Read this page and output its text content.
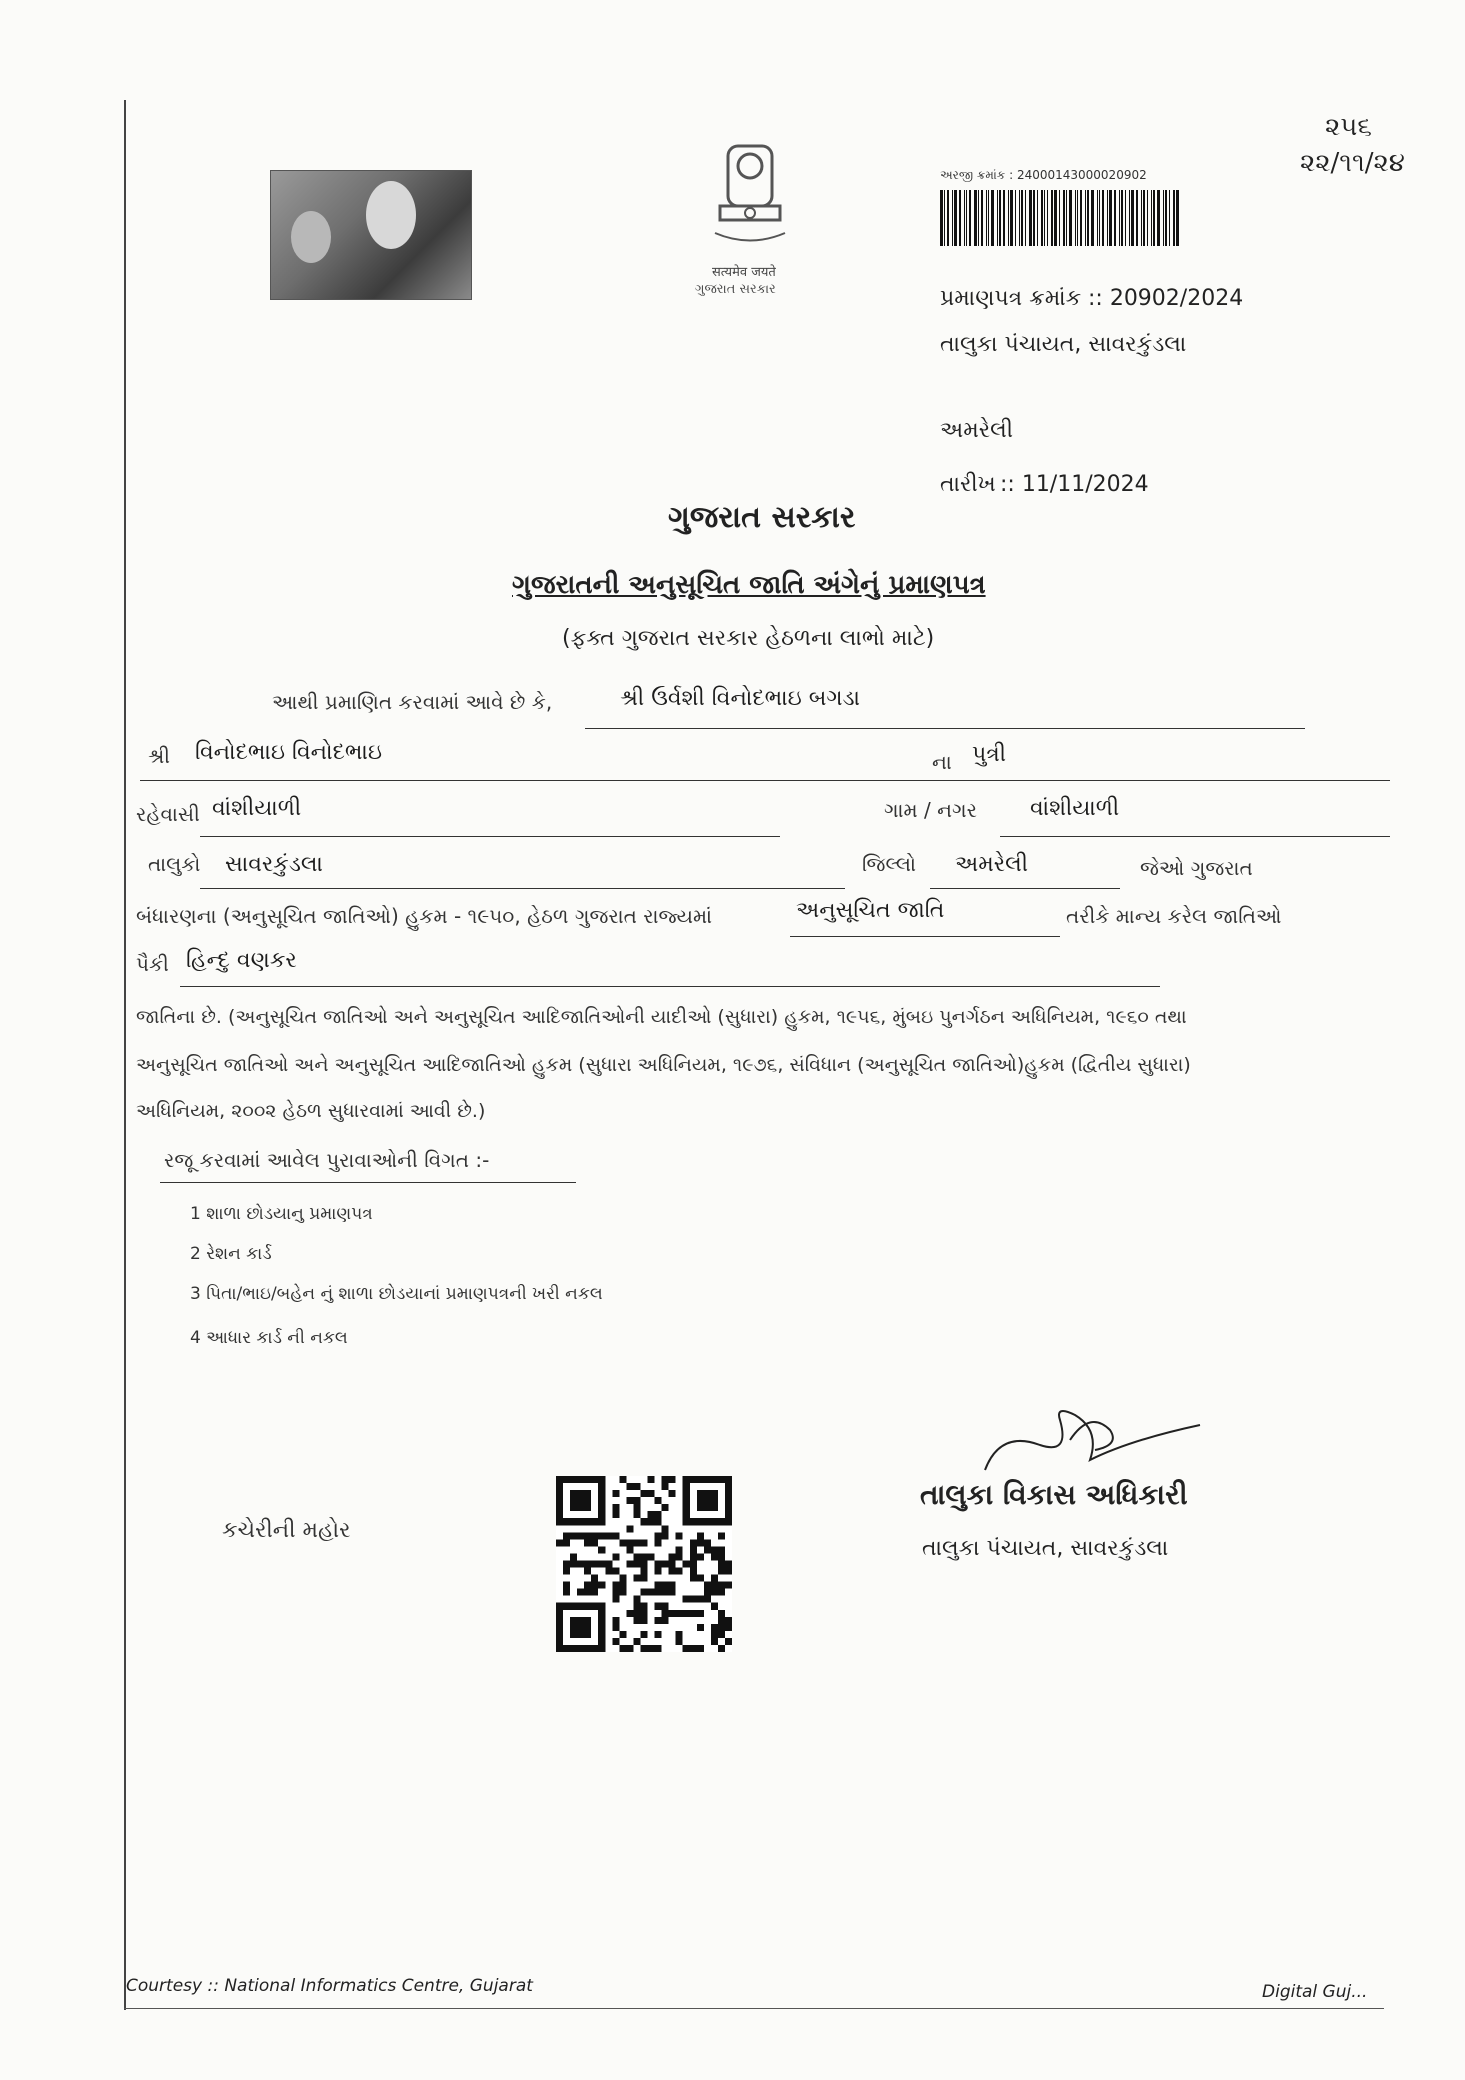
૨૫૬
૨૨/૧૧/૨૪
सत्यमेव जयते
ગુજરાત સરકાર
અરજી ક્રમાંક : 24000143000020902
પ્રમાણપત્ર ક્રમાંક :: 20902/2024
તાલુકા પંચાયત, સાવરકુંડલા
અમરેલી
તારીખ :: 11/11/2024
ગુજરાત સરકાર
ગુજરાતની અનુસૂચિત જાતિ અંગેનું પ્રમાણપત્ર
(ફક્ત ગુજરાત સરકાર હેઠળના લાભો માટે)
આથી પ્રમાણિત કરવામાં આવે છે કે,	શ્રી ઉર્વશી વિનોદભાઇ બગડા
શ્રી વિનોદભાઇ વિનોદભાઇ	ના પુત્રી
રહેવાસી વાંશીયાળી	ગામ / નગર વાંશીયાળી
તાલુકો સાવરકુંડલા	જિલ્લો અમરેલી	જેઓ ગુજરાત
બંધારણના (અનુસૂચિત જાતિઓ) હુકમ - ૧૯૫૦, હેઠળ ગુજરાત રાજ્યમાં	અનુસૂચિત જાતિ	તરીકે માન્ય કરેલ જાતિઓ
પૈકી હિન્દુ વણકર
જાતિના છે. (અનુસૂચિત જાતિઓ અને અનુસૂચિત આદિજાતિઓની યાદીઓ (સુધારા) હુકમ, ૧૯૫૬, મુંબઇ પુનર્ગઠન અધિનિયમ, ૧૯૬૦ તથા
અનુસૂચિત જાતિઓ અને અનુસૂચિત આદિજાતિઓ હુકમ (સુધારા અધિનિયમ, ૧૯૭૬, સંવિધાન (અનુસૂચિત જાતિઓ)હુકમ (દ્વિતીય સુધારા)
અધિનિયમ, ૨૦૦૨ હેઠળ સુધારવામાં આવી છે.)
રજૂ કરવામાં આવેલ પુરાવાઓની વિગત :-
1 શાળા છોડયાનુ પ્રમાણપત્ર
2 રેશન કાર્ડ
3 પિતા/ભાઇ/બહેન નું શાળા છોડયાનાં પ્રમાણપત્રની ખરી નકલ
4 આધાર કાર્ડ ની નકલ
તાલુકા વિકાસ અધિકારી
તાલુકા પંચાયત, સાવરકુંડલા
કચેરીની મહોર
Courtesy :: National Informatics Centre, Gujarat	Digital Guj...
